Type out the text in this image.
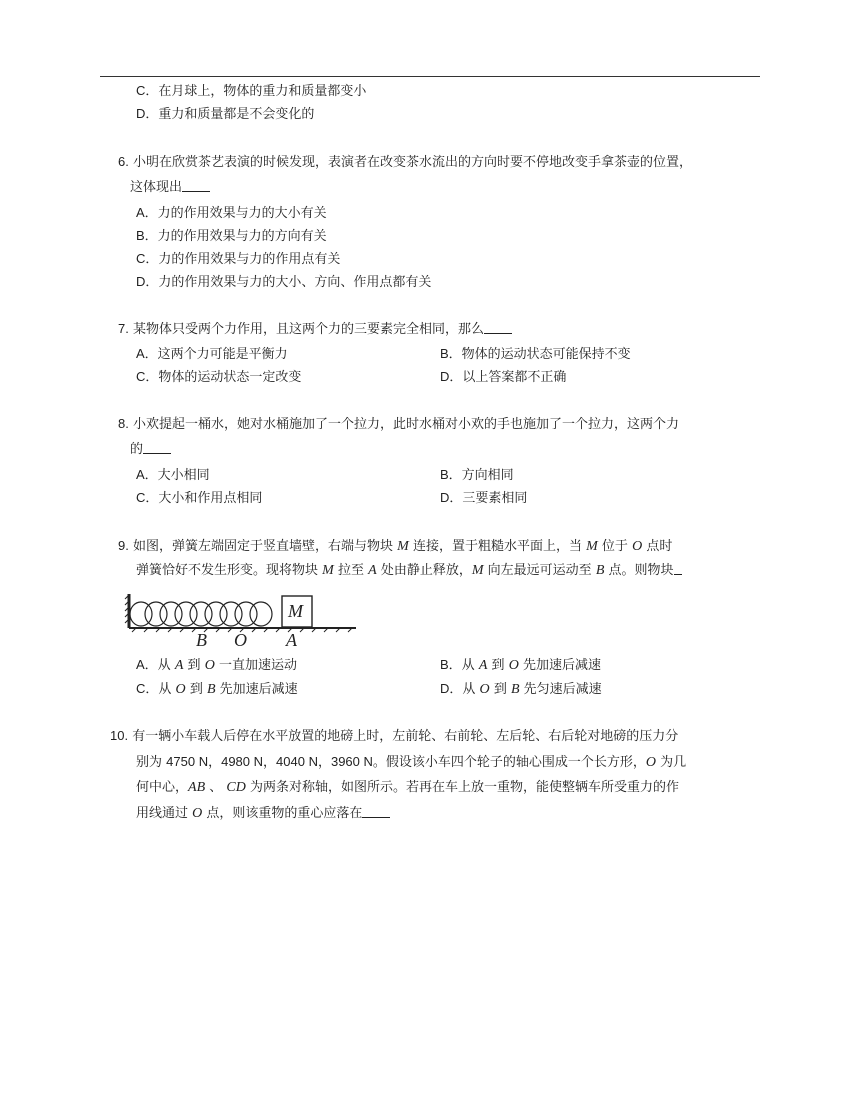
C．在月球上，物体的重力和质量都变小
D．重力和质量都是不会变化的
6. 小明在欣赏茶艺表演的时候发现，表演者在改变茶水流出的方向时要不停地改变手拿茶壶的位置，
这体现出
A．力的作用效果与力的大小有关
B．力的作用效果与力的方向有关
C．力的作用效果与力的作用点有关
D．力的作用效果与力的大小、方向、作用点都有关
7. 某物体只受两个力作用，且这两个力的三要素完全相同，那么
A．这两个力可能是平衡力	B．物体的运动状态可能保持不变
C．物体的运动状态一定改变	D．以上答案都不正确
8. 小欢提起一桶水，她对水桶施加了一个拉力，此时水桶对小欢的手也施加了一个拉力，这两个力
的
A．大小相同	B．方向相同
C．大小和作用点相同	D．三要素相同
9. 如图，弹簧左端固定于竖直墙壁，右端与物块 M 连接，置于粗糙水平面上，当 M 位于 O 点时
弹簧恰好不发生形变。现将物块 M 拉至 A 处由静止释放，M 向左最远可运动至 B 点。则物块
M
B O A
A．从 A 到 O 一直加速运动	B．从 A 到 O 先加速后减速
C．从 O 到 B 先加速后减速	D．从 O 到 B 先匀速后减速
10. 有一辆小车载人后停在水平放置的地磅上时，左前轮、右前轮、左后轮、右后轮对地磅的压力分
别为 4750 N，4980 N，4040 N，3960 N。假设该小车四个轮子的轴心围成一个长方形，O 为几
何中心，AB 、 CD 为两条对称轴，如图所示。若再在车上放一重物，能使整辆车所受重力的作
用线通过 O 点，则该重物的重心应落在
